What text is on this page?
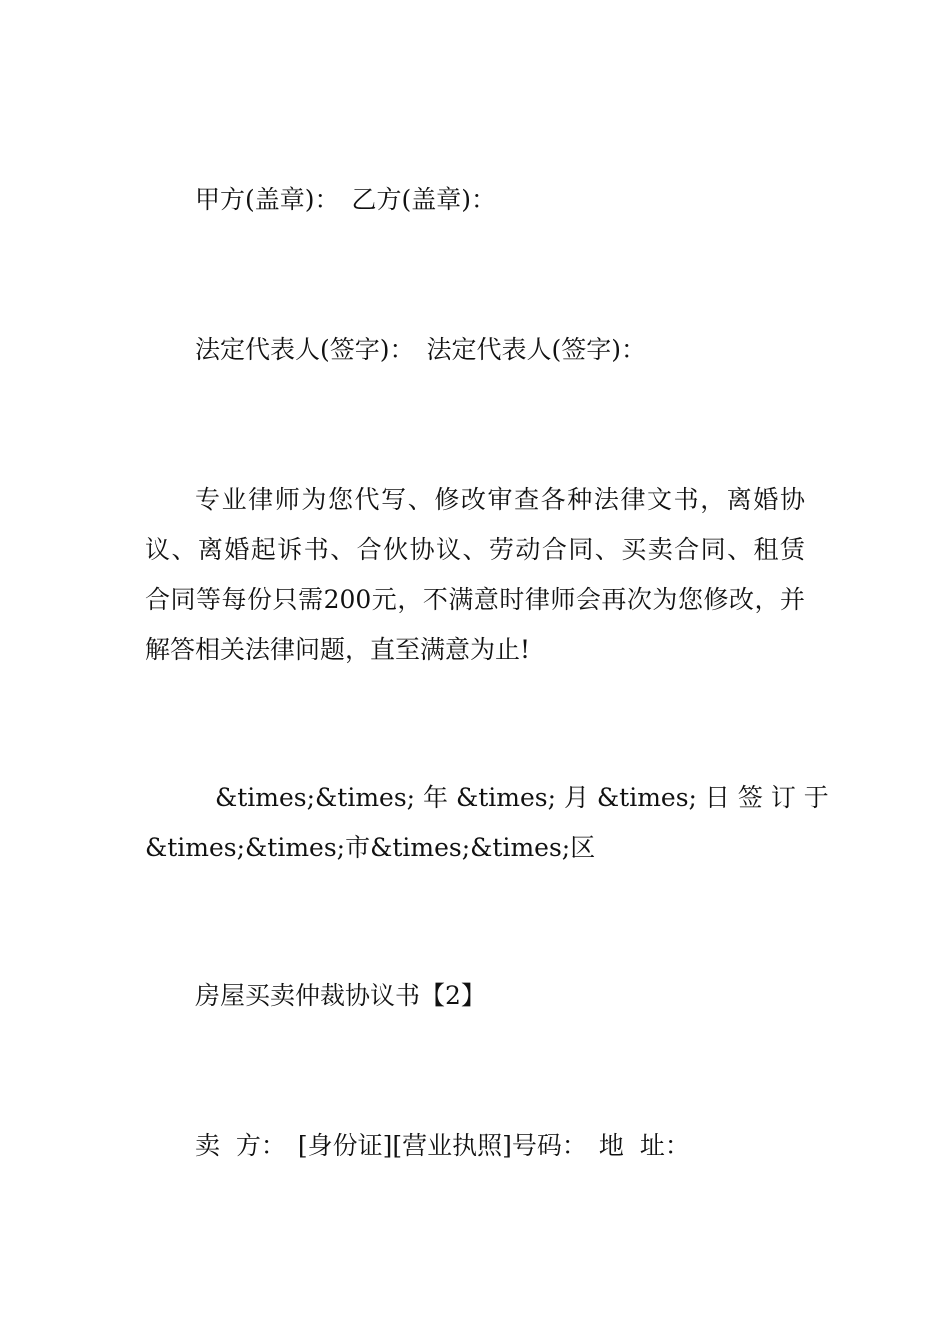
甲方(盖章)： 乙方(盖章)：
法定代表人(签字)： 法定代表人(签字)：

专业律师为您代写、修改审查各种法律文书，离婚协

议、离婚起诉书、合伙协议、劳动合同、买卖合同、租赁

合同等每份只需200元，不满意时律师会再次为您修改，并

解答相关法律问题，直至满意为止!

&times;&times; 年 &times; 月 &times; 日 签 订 于

&times;&times;市&times;&times;区

房屋买卖仲裁协议书【2】
卖  方： [身份证][营业执照]号码： 地  址：
